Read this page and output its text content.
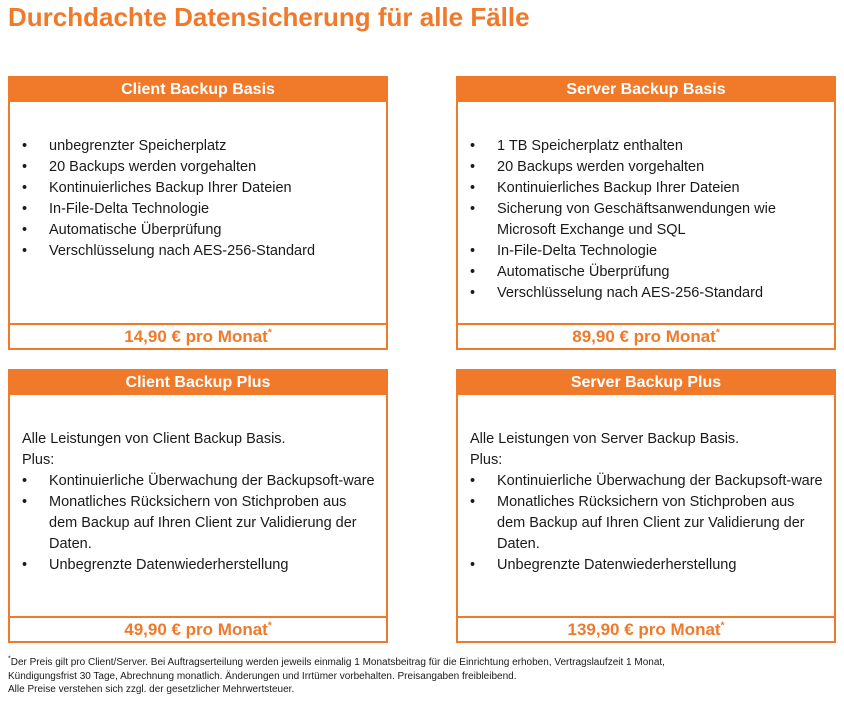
Durchdachte Datensicherung für alle Fälle
Client Backup Basis
• unbegrenzter Speicherplatz
• 20 Backups werden vorgehalten
• Kontinuierliches Backup Ihrer Dateien
• In-File-Delta Technologie
• Automatische Überprüfung
• Verschlüsselung nach AES-256-Standard
14,90 € pro Monat*
Server Backup Basis
• 1 TB Speicherplatz enthalten
• 20 Backups werden vorgehalten
• Kontinuierliches Backup Ihrer Dateien
• Sicherung von Geschäftsanwendungen wie Microsoft Exchange und SQL
• In-File-Delta Technologie
• Automatische Überprüfung
• Verschlüsselung nach AES-256-Standard
89,90 € pro Monat*
Client Backup Plus

Alle Leistungen von Client Backup Basis.

Plus:

• Kontinuierliche Überwachung der Backupsoft-ware
• Monatliches Rücksichern von Stichproben aus dem Backup auf Ihren Client zur Validierung der Daten.
• Unbegrenzte Datenwiederherstellung
49,90 € pro Monat*
Server Backup Plus

Alle Leistungen von Server Backup Basis.

Plus:

• Kontinuierliche Überwachung der Backupsoft-ware
• Monatliches Rücksichern von Stichproben aus dem Backup auf Ihren Client zur Validierung der Daten.
• Unbegrenzte Datenwiederherstellung
139,90 € pro Monat*
*Der Preis gilt pro Client/Server. Bei Auftragserteilung werden jeweils einmalig 1 Monatsbeitrag für die Einrichtung erhoben, Vertragslaufzeit 1 Monat,
Kündigungsfrist 30 Tage, Abrechnung monatlich. Änderungen und Irrtümer vorbehalten. Preisangaben freibleibend.
Alle Preise verstehen sich zzgl. der gesetzlicher Mehrwertsteuer.
